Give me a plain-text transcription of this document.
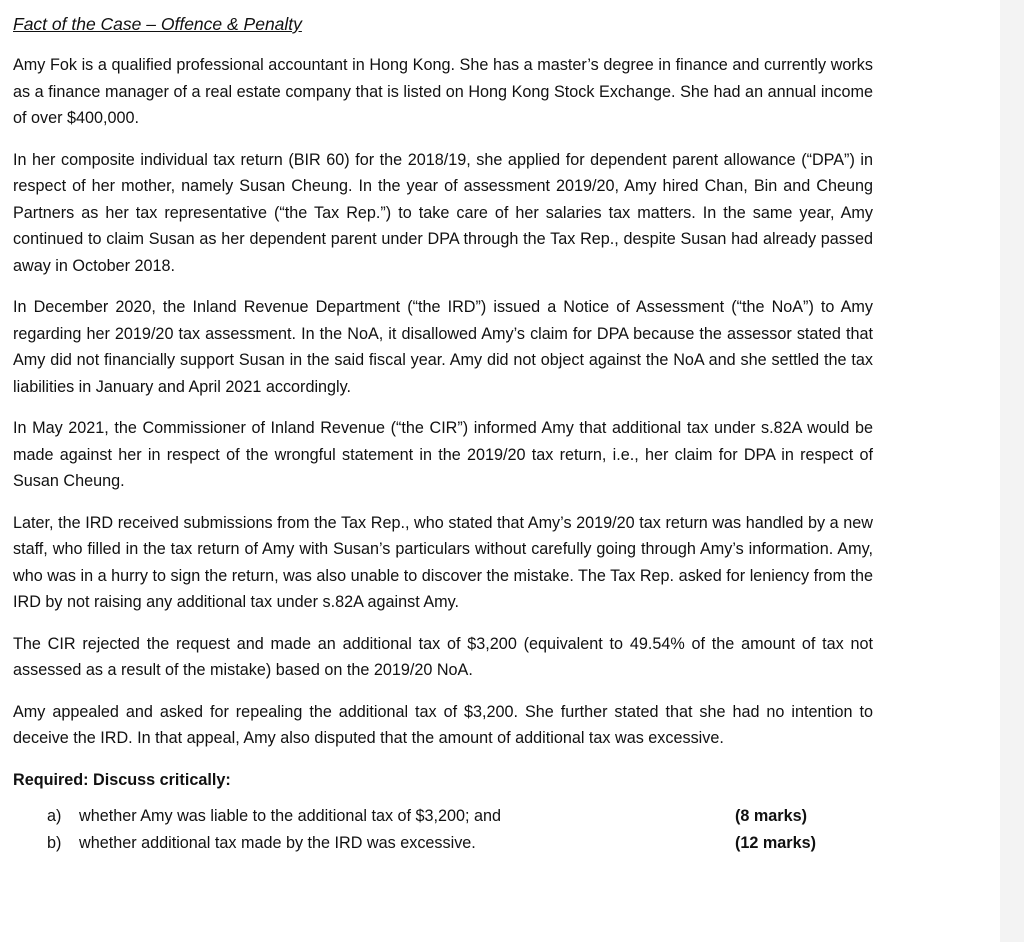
Fact of the Case – Offence & Penalty

Amy Fok is a qualified professional accountant in Hong Kong. She has a master’s degree in finance and currently works as a finance manager of a real estate company that is listed on Hong Kong Stock Exchange. She had an annual income of over $400,000.

In her composite individual tax return (BIR 60) for the 2018/19, she applied for dependent parent allowance (“DPA”) in respect of her mother, namely Susan Cheung. In the year of assessment 2019/20, Amy hired Chan, Bin and Cheung Partners as her tax representative (“the Tax Rep.”) to take care of her salaries tax matters. In the same year, Amy continued to claim Susan as her dependent parent under DPA through the Tax Rep., despite Susan had already passed away in October 2018.

In December 2020, the Inland Revenue Department (“the IRD”) issued a Notice of Assessment (“the NoA”) to Amy regarding her 2019/20 tax assessment. In the NoA, it disallowed Amy’s claim for DPA because the assessor stated that Amy did not financially support Susan in the said fiscal year. Amy did not object against the NoA and she settled the tax liabilities in January and April 2021 accordingly.

In May 2021, the Commissioner of Inland Revenue (“the CIR”) informed Amy that additional tax under s.82A would be made against her in respect of the wrongful statement in the 2019/20 tax return, i.e., her claim for DPA in respect of Susan Cheung.

Later, the IRD received submissions from the Tax Rep., who stated that Amy’s 2019/20 tax return was handled by a new staff, who filled in the tax return of Amy with Susan’s particulars without carefully going through Amy’s information. Amy, who was in a hurry to sign the return, was also unable to discover the mistake. The Tax Rep. asked for leniency from the IRD by not raising any additional tax under s.82A against Amy.

The CIR rejected the request and made an additional tax of $3,200 (equivalent to 49.54% of the amount of tax not assessed as a result of the mistake) based on the 2019/20 NoA.

Amy appealed and asked for repealing the additional tax of $3,200. She further stated that she had no intention to deceive the IRD. In that appeal, Amy also disputed that the amount of additional tax was excessive.

Required: Discuss critically:
a) whether Amy was liable to the additional tax of $3,200; and	(8 marks)
b) whether additional tax made by the IRD was excessive.	(12 marks)
